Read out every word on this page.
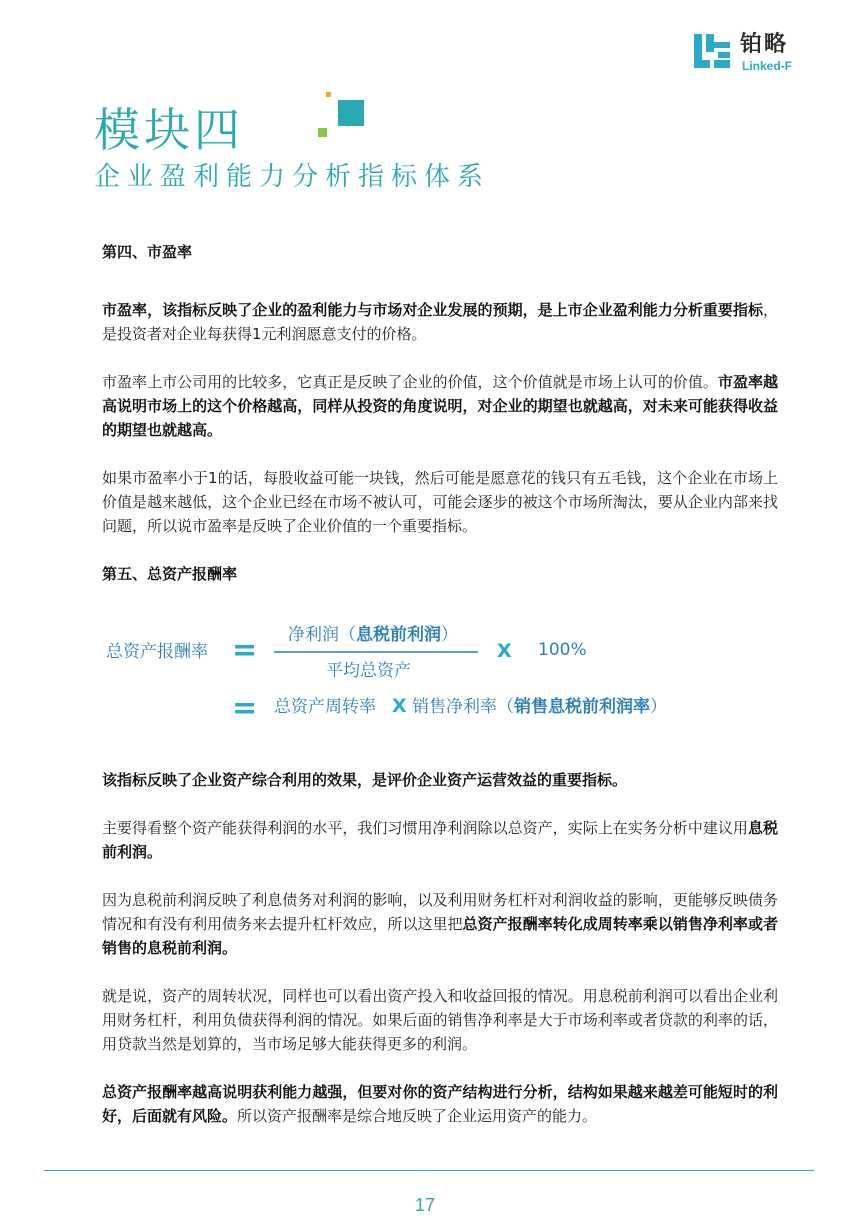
铂略
Linked-F
模块四
企业盈利能力分析指标体系
第四、市盈率
市盈率，该指标反映了企业的盈利能力与市场对企业发展的预期，是上市企业盈利能力分析重要指标，是投资者对企业每获得1元利润愿意支付的价格。
市盈率上市公司用的比较多，它真正是反映了企业的价值，这个价值就是市场上认可的价值。市盈率越高说明市场上的这个价格越高，同样从投资的角度说明，对企业的期望也就越高，对未来可能获得收益的期望也就越高。
如果市盈率小于1的话，每股收益可能一块钱，然后可能是愿意花的钱只有五毛钱，这个企业在市场上价值是越来越低，这个企业已经在市场不被认可，可能会逐步的被这个市场所淘汰，要从企业内部来找问题，所以说市盈率是反映了企业价值的一个重要指标。
第五、总资产报酬率
该指标反映了企业资产综合利用的效果，是评价企业资产运营效益的重要指标。
主要得看整个资产能获得利润的水平，我们习惯用净利润除以总资产，实际上在实务分析中建议用息税前利润。
因为息税前利润反映了利息债务对利润的影响，以及利用财务杠杆对利润收益的影响，更能够反映债务情况和有没有利用债务来去提升杠杆效应，所以这里把总资产报酬率转化成周转率乘以销售净利率或者销售的息税前利润。
就是说，资产的周转状况，同样也可以看出资产投入和收益回报的情况。用息税前利润可以看出企业利用财务杠杆，利用负债获得利润的情况。如果后面的销售净利率是大于市场利率或者贷款的利率的话，用贷款当然是划算的，当市场足够大能获得更多的利润。
总资产报酬率越高说明获利能力越强，但要对你的资产结构进行分析，结构如果越来越差可能短时的利好，后面就有风险。所以资产报酬率是综合地反映了企业运用资产的能力。
总资产报酬率 = 净利润（息税前利润）
平均总资产
X 100%
= 总资产周转率 X 销售净利率（销售息税前利润率）
17
